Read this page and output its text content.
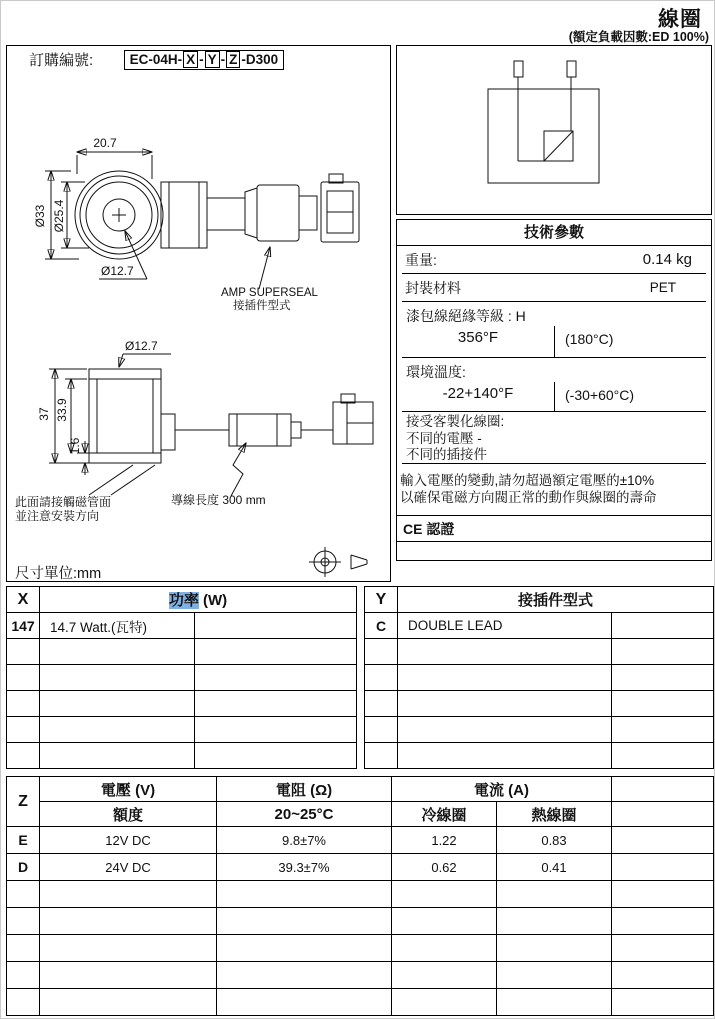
線圈
(額定負載因數:ED 100%)
訂購編號:	EC-04H- X - Y - Z -D300
20.7
Ø33 Ø25.4
Ø12.7
AMP SUPERSEAL
接插件型式
Ø12.7
37 33.9
1.6
導線長度 300 mm
此面請接觸磁管面
並注意安裝方向
尺寸單位:mm
技術參數
重量:	0.14 kg
封裝材料	PET
漆包線絕緣等級 : H
356°F	(180°C)
環境溫度:
-22+140°F	(-30+60°C)
接受客製化線圈:
不同的電壓 -
不同的插接件
輸入電壓的變動,請勿超過額定電壓的±10%
以確保電磁方向閥正常的動作與線圈的壽命
CE 認證
X	功率 (W)	
147	14.7 Watt.(瓦特)	

Y	接插件型式	
C	DOUBLE LEAD	

Z	電壓 (V)	電阻 (Ω)	電流 (A)		
	額度	20~25°C	冷線圈	熱線圈	
E	12V DC	9.8±7%	1.22	0.83	
D	24V DC	39.3±7%	0.62	0.41	
